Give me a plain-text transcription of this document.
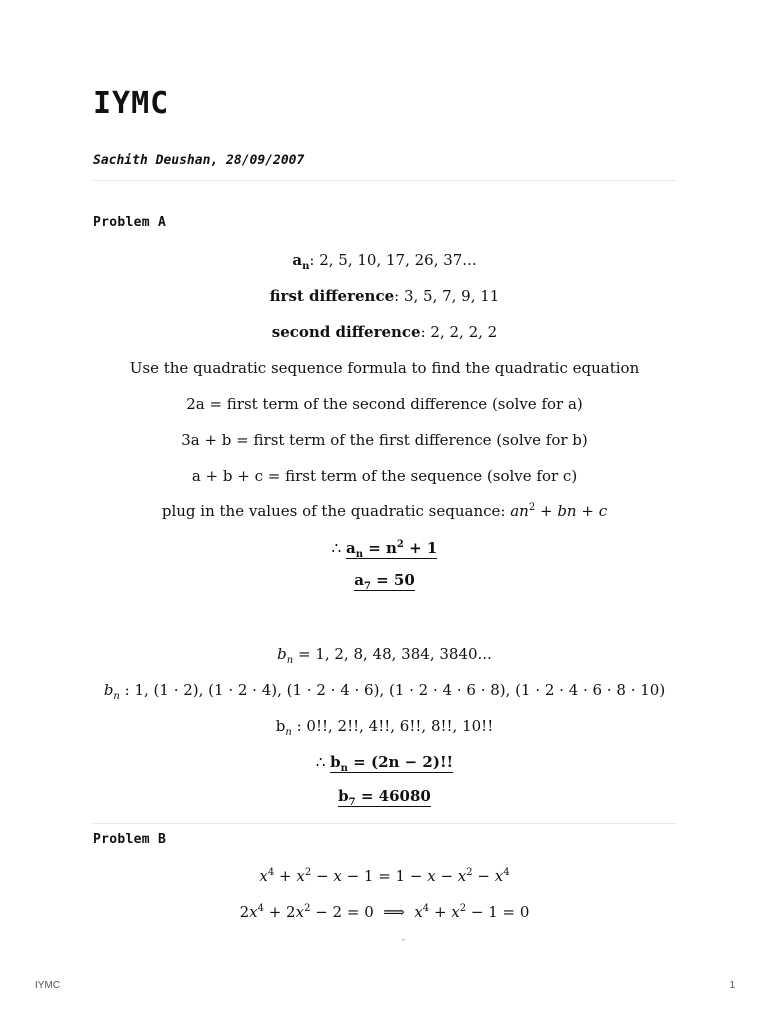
IYMC
Sachith Deushan, 28/09/2007
Problem A
$a_n$: 2, 5, 10, 17, 26, 37...
first difference: 3, 5, 7, 9, 11
second difference: 2, 2, 2, 2
Use the quadratic sequence formula to find the quadratic equation
2a = first term of the second difference (solve for a)
3a + b = first term of the first difference (solve for b)
a + b + c = first term of the sequence (solve for c)
plug in the values of the quadratic sequance: $an^2$ + bn + c
∴ $a_n = n^2 + 1$
$a_7 = 50$
$b_n = 1$, 2, 8, 48, 384, 3840...
$b_n$ : 1, (1 · 2), (1 · 2 · 4), (1 · 2 · 4 · 6), (1 · 2 · 4 · 6 · 8), (1 · 2 · 4 · 6 · 8 · 10)
$b_n$ : 0!!, 2!!, 4!!, 6!!, 8!!, 10!!
∴ $b_n = (2n - 2)$!!
$b_7 = 46080$
Problem B
$x^4 + x^2 - x - 1 = 1 - x - x^2 - x^4$
$2x^4 + 2x^2 - 2 = 0$  ⟹  $x^4 + x^2 - 1 = 0$
-
IYMC	1
